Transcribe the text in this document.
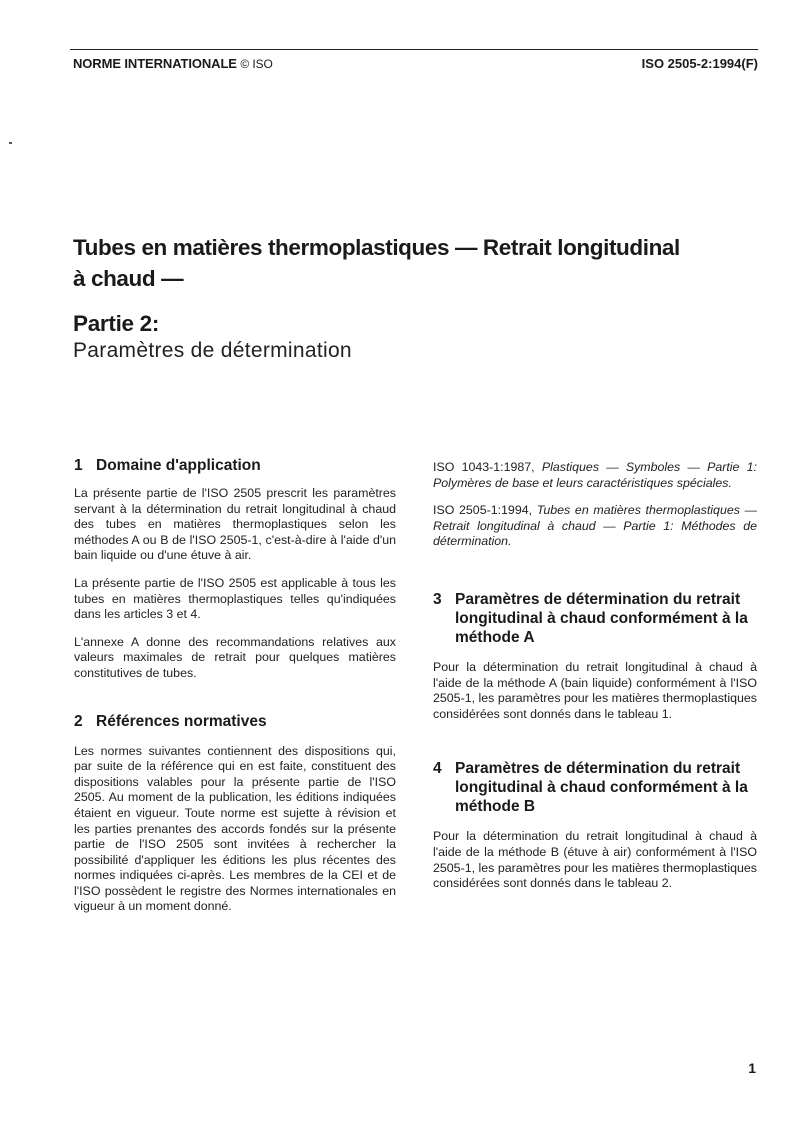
NORME INTERNATIONALE © ISO	ISO 2505-2:1994(F)
Tubes en matières thermoplastiques — Retrait longitudinal
à chaud —
Partie 2:
Paramètres de détermination
1 Domaine d'application

La présente partie de l'ISO 2505 prescrit les paramètres servant à la détermination du retrait longitudinal à chaud des tubes en matières thermoplastiques selon les méthodes A ou B de l'ISO 2505-1, c'est-à-dire à l'aide d'un bain liquide ou d'une étuve à air.

La présente partie de l'ISO 2505 est applicable à tous les tubes en matières thermoplastiques telles qu'indiquées dans les articles 3 et 4.

L'annexe A donne des recommandations relatives aux valeurs maximales de retrait pour quelques matières constitutives de tubes.

2 Références normatives

Les normes suivantes contiennent des dispositions qui, par suite de la référence qui en est faite, constituent des dispositions valables pour la présente partie de l'ISO 2505. Au moment de la publication, les éditions indiquées étaient en vigueur. Toute norme est sujette à révision et les parties prenantes des accords fondés sur la présente partie de l'ISO 2505 sont invitées à rechercher la possibilité d'appliquer les éditions les plus récentes des normes indiquées ci-après. Les membres de la CEI et de l'ISO possèdent le registre des Normes internationales en vigueur à un moment donné.

ISO 1043-1:1987, Plastiques — Symboles — Partie 1: Polymères de base et leurs caractéristiques spéciales.

ISO 2505-1:1994, Tubes en matières thermoplastiques — Retrait longitudinal à chaud — Partie 1: Méthodes de détermination.

3 Paramètres de détermination du retrait longitudinal à chaud conformément à la méthode A

Pour la détermination du retrait longitudinal à chaud à l'aide de la méthode A (bain liquide) conformément à l'ISO 2505-1, les paramètres pour les matières thermoplastiques considérées sont donnés dans le tableau 1.

4 Paramètres de détermination du retrait longitudinal à chaud conformément à la méthode B

Pour la détermination du retrait longitudinal à chaud à l'aide de la méthode B (étuve à air) conformément à l'ISO 2505-1, les paramètres pour les matières thermoplastiques considérées sont donnés dans le tableau 2.

1
